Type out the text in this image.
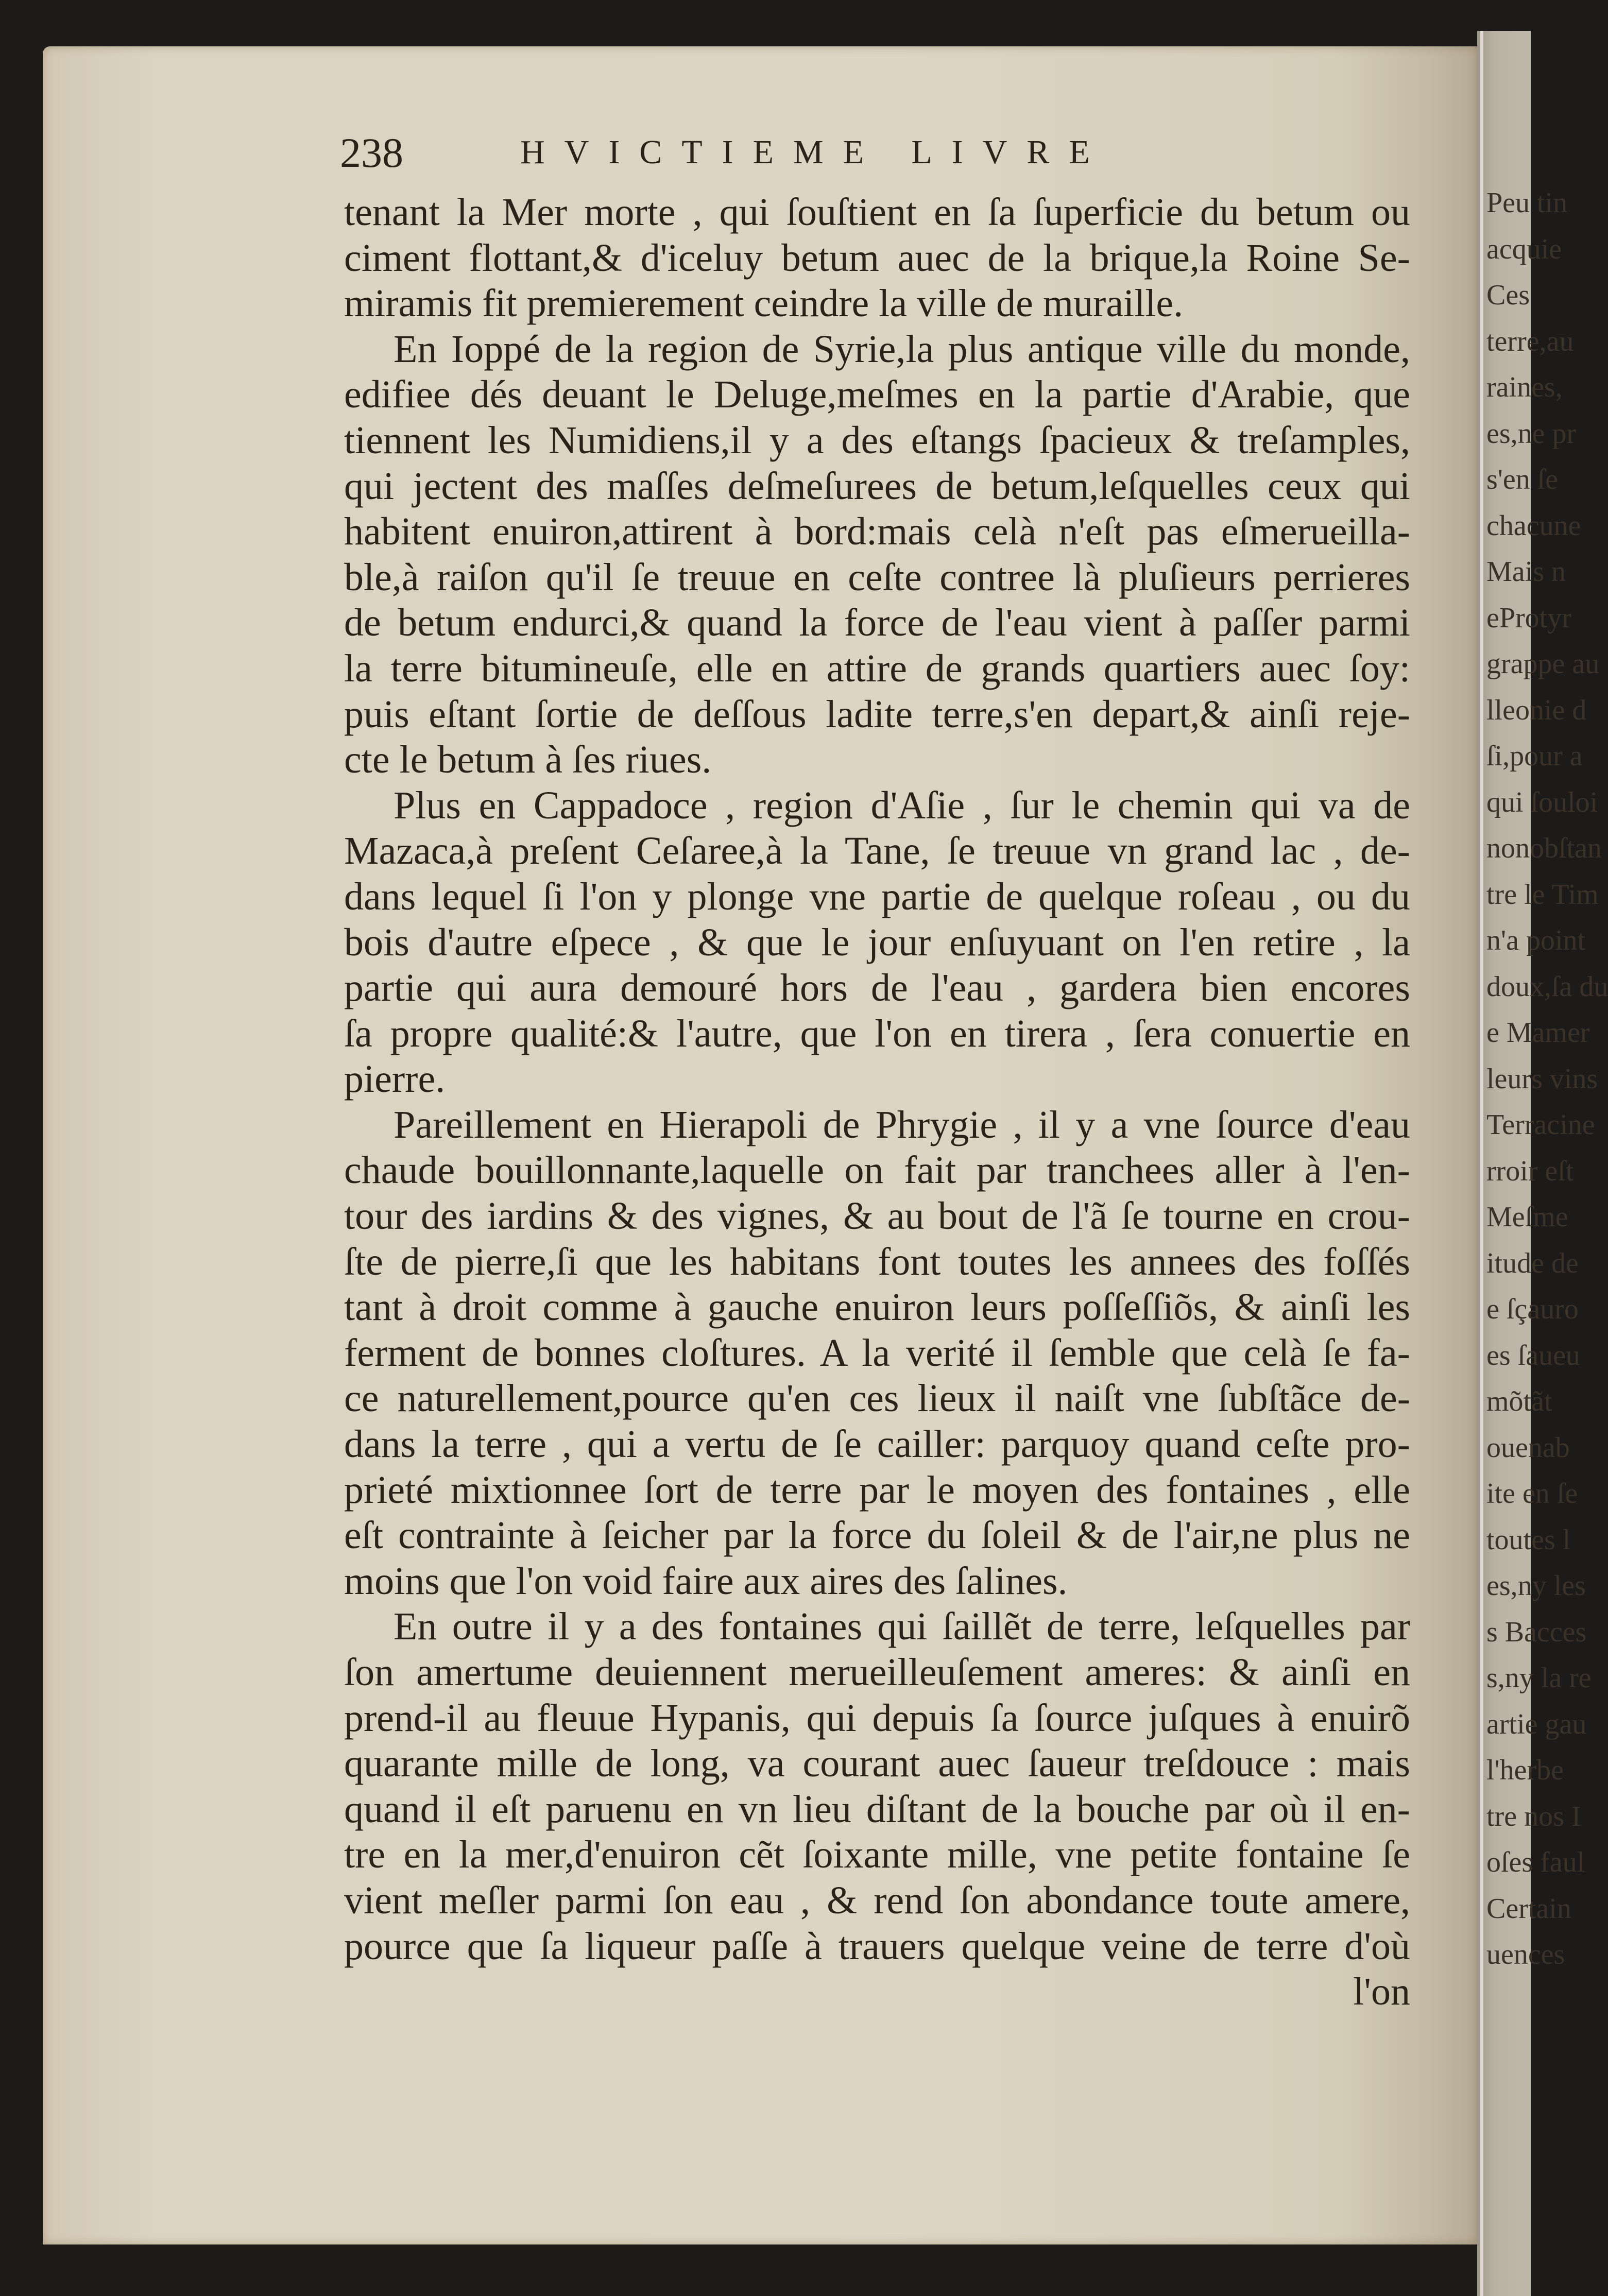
238	HVICTIEME LIVRE
tenant la Mer morte , qui ſouſtient en ſa ſuperficie du betum ou
ciment flottant,& d'iceluy betum auec de la brique,la Roine Se-
miramis fit premierement ceindre la ville de muraille.
En Ioppé de la region de Syrie,la plus antique ville du monde,
edifiee dés deuant le Deluge,meſmes en la partie d'Arabie, que
tiennent les Numidiens,il y a des eſtangs ſpacieux & treſamples,
qui jectent des maſſes deſmeſurees de betum,leſquelles ceux qui
habitent enuiron,attirent à bord:mais celà n'eſt pas eſmerueilla-
ble,à raiſon qu'il ſe treuue en ceſte contree là pluſieurs perrieres
de betum endurci,& quand la force de l'eau vient à paſſer parmi
la terre bitumineuſe, elle en attire de grands quartiers auec ſoy:
puis eſtant ſortie de deſſous ladite terre,s'en depart,& ainſi reje-
cte le betum à ſes riues.
Plus en Cappadoce , region d'Aſie , ſur le chemin qui va de
Mazaca,à preſent Ceſaree,à la Tane, ſe treuue vn grand lac , de-
dans lequel ſi l'on y plonge vne partie de quelque roſeau , ou du
bois d'autre eſpece , & que le jour enſuyuant on l'en retire , la
partie qui aura demouré hors de l'eau , gardera bien encores
ſa propre qualité:& l'autre, que l'on en tirera , ſera conuertie en
pierre.
Pareillement en Hierapoli de Phrygie , il y a vne ſource d'eau
chaude bouillonnante,laquelle on fait par tranchees aller à l'en-
tour des iardins & des vignes, & au bout de l'ã ſe tourne en crou-
ſte de pierre,ſi que les habitans font toutes les annees des foſſés
tant à droit comme à gauche enuiron leurs poſſeſſiõs, & ainſi les
ferment de bonnes cloſtures. A la verité il ſemble que celà ſe fa-
ce naturellement,pource qu'en ces lieux il naiſt vne ſubſtãce de-
dans la terre , qui a vertu de ſe cailler: parquoy quand ceſte pro-
prieté mixtionnee ſort de terre par le moyen des fontaines , elle
eſt contrainte à ſeicher par la force du ſoleil & de l'air,ne plus ne
moins que l'on void faire aux aires des ſalines.
En outre il y a des fontaines qui ſaillẽt de terre, leſquelles par
ſon amertume deuiennent merueilleuſement ameres: & ainſi en
prend-il au fleuue Hypanis, qui depuis ſa ſource juſques à enuirõ
quarante mille de long, va courant auec ſaueur treſdouce : mais
quand il eſt paruenu en vn lieu diſtant de la bouche par où il en-
tre en la mer,d'enuiron cẽt ſoixante mille, vne petite fontaine ſe
vient meſler parmi ſon eau , & rend ſon abondance toute amere,
pource que ſa liqueur paſſe à trauers quelque veine de terre d'où
l'on
Peu tin
acquie
Ces
terre,au
raines,
es,ne pr
s'en ſe
chacune
Mais n
eProtyr
grappe au
lleonie d
ſi,pour a
qui ſouloi
nonobſtan
tre le Tim
n'a point
doux,ſa du
e Mamer
leurs vins
Terracine
rroir eſt
Meſme
itude de
e ſçauro
es ſaueu
mõtãt
ouenab
ite en ſe
toutes l
es,ny les
s Bacces
s,ny la re
artie gau
l'herbe
tre nos I
oſes faul
Certain
uences
